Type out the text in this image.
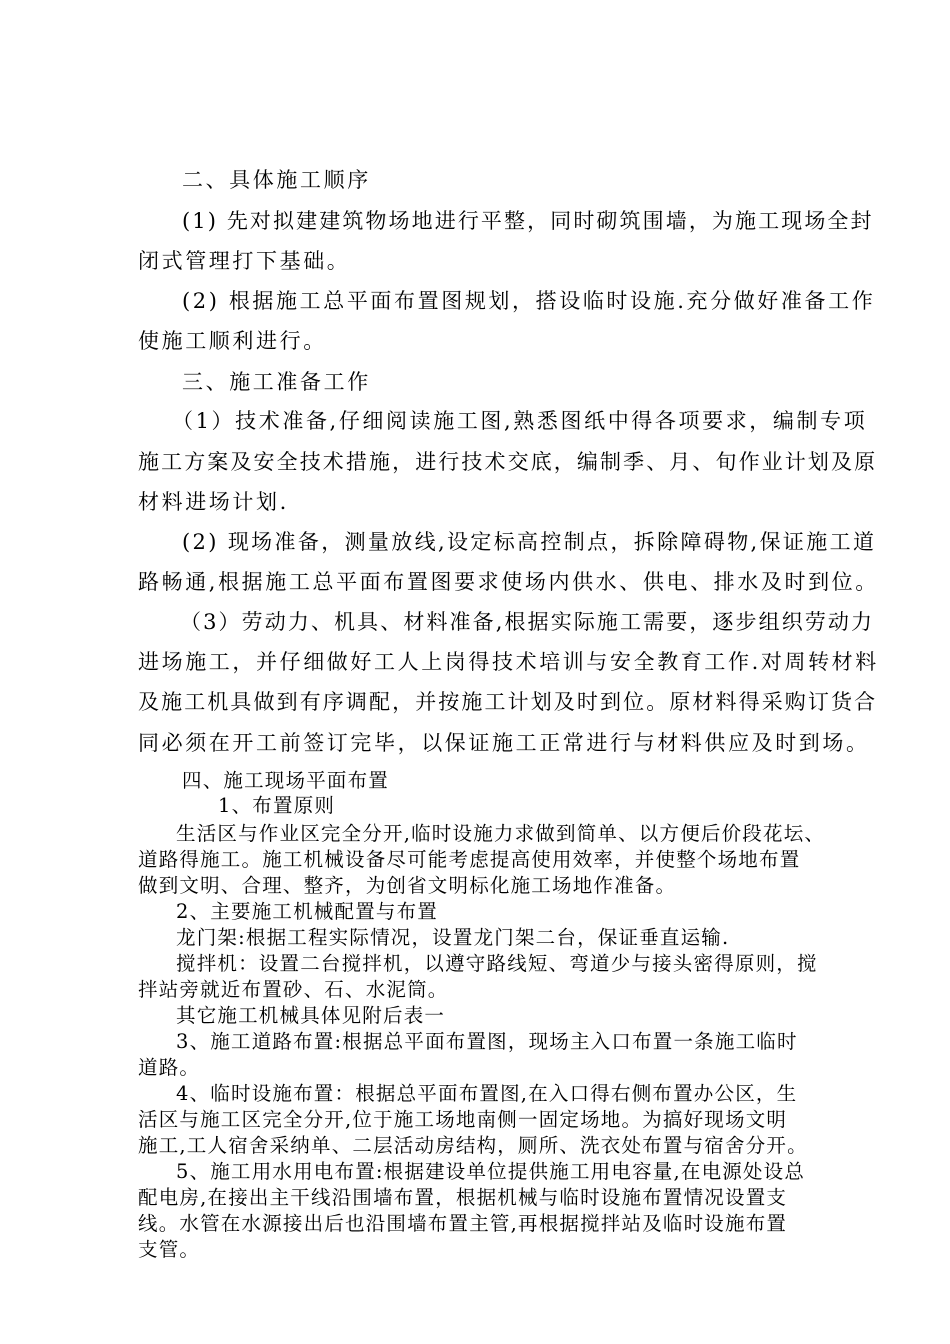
二、具体施工顺序
(1) 先对拟建建筑物场地进行平整，同时砌筑围墙，为施工现场全封
闭式管理打下基础。
(2) 根据施工总平面布置图规划，搭设临时设施.充分做好准备工作
使施工顺利进行。
三、施工准备工作
（1）技术准备,仔细阅读施工图,熟悉图纸中得各项要求，编制专项
施工方案及安全技术措施，进行技术交底，编制季、月、旬作业计划及原
材料进场计划.
(2) 现场准备，测量放线,设定标高控制点，拆除障碍物,保证施工道
路畅通,根据施工总平面布置图要求使场内供水、供电、排水及时到位。
（3）劳动力、机具、材料准备,根据实际施工需要，逐步组织劳动力
进场施工，并仔细做好工人上岗得技术培训与安全教育工作.对周转材料
及施工机具做到有序调配，并按施工计划及时到位。原材料得采购订货合
同必须在开工前签订完毕，以保证施工正常进行与材料供应及时到场。
四、施工现场平面布置
1、布置原则
生活区与作业区完全分开,临时设施力求做到简单、以方便后价段花坛、
道路得施工。施工机械设备尽可能考虑提高使用效率，并使整个场地布置
做到文明、合理、整齐，为创省文明标化施工场地作准备。
2、主要施工机械配置与布置
龙门架:根据工程实际情况，设置龙门架二台，保证垂直运输.
搅拌机：设置二台搅拌机，以遵守路线短、弯道少与接头密得原则，搅
拌站旁就近布置砂、石、水泥筒。
其它施工机械具体见附后表一
3、施工道路布置:根据总平面布置图，现场主入口布置一条施工临时
道路。
4、临时设施布置：根据总平面布置图,在入口得右侧布置办公区，生
活区与施工区完全分开,位于施工场地南侧一固定场地。为搞好现场文明
施工,工人宿舍采纳单、二层活动房结构，厕所、洗衣处布置与宿舍分开。
5、施工用水用电布置:根据建设单位提供施工用电容量,在电源处设总
配电房,在接出主干线沿围墙布置，根据机械与临时设施布置情况设置支
线。水管在水源接出后也沿围墙布置主管,再根据搅拌站及临时设施布置
支管。
